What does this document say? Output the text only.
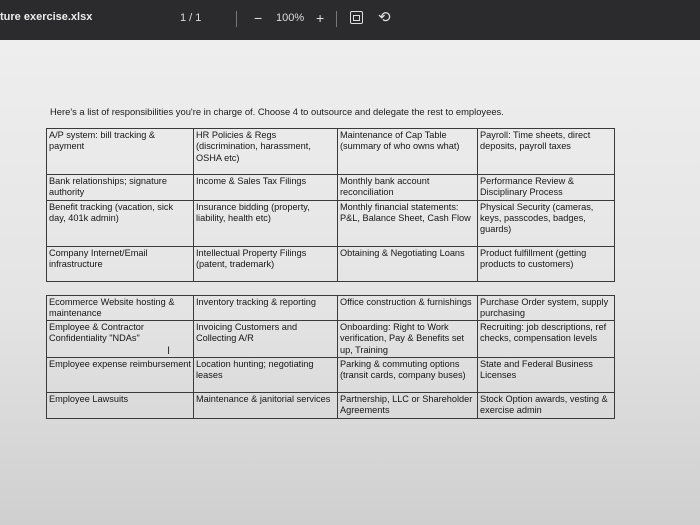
ture exercise.xlsx	1 / 1	− 100% +	⟲
Here's a list of responsibilities you're in charge of. Choose 4 to outsource and delegate the rest to employees.
A/P system: bill tracking & payment	HR Policies & Regs (discrimination, harassment, OSHA etc)	Maintenance of Cap Table (summary of who owns what)	Payroll: Time sheets, direct deposits, payroll taxes
Bank relationships; signature authority	Income & Sales Tax Filings	Monthly bank account reconciliation	Performance Review & Disciplinary Process
Benefit tracking (vacation, sick day, 401k admin)	Insurance bidding (property, liability, health etc)	Monthly financial statements: P&L, Balance Sheet, Cash Flow	Physical Security (cameras, keys, passcodes, badges, guards)
Company Internet/Email infrastructure	Intellectual Property Filings (patent, trademark)	Obtaining & Negotiating Loans	Product fulfillment (getting products to customers)

Ecommerce Website hosting & maintenance	Inventory tracking & reporting	Office construction & furnishings	Purchase Order system, supply purchasing
Employee & Contractor Confidentiality "NDAs"	Invoicing Customers and Collecting A/R	Onboarding: Right to Work verification, Pay & Benefits set up, Training	Recruiting: job descriptions, ref checks, compensation levels
Employee expense reimbursement	Location hunting; negotiating leases	Parking & commuting options (transit cards, company buses)	State and Federal Business Licenses
Employee Lawsuits	Maintenance & janitorial services	Partnership, LLC or Shareholder Agreements	Stock Option awards, vesting & exercise admin
I
